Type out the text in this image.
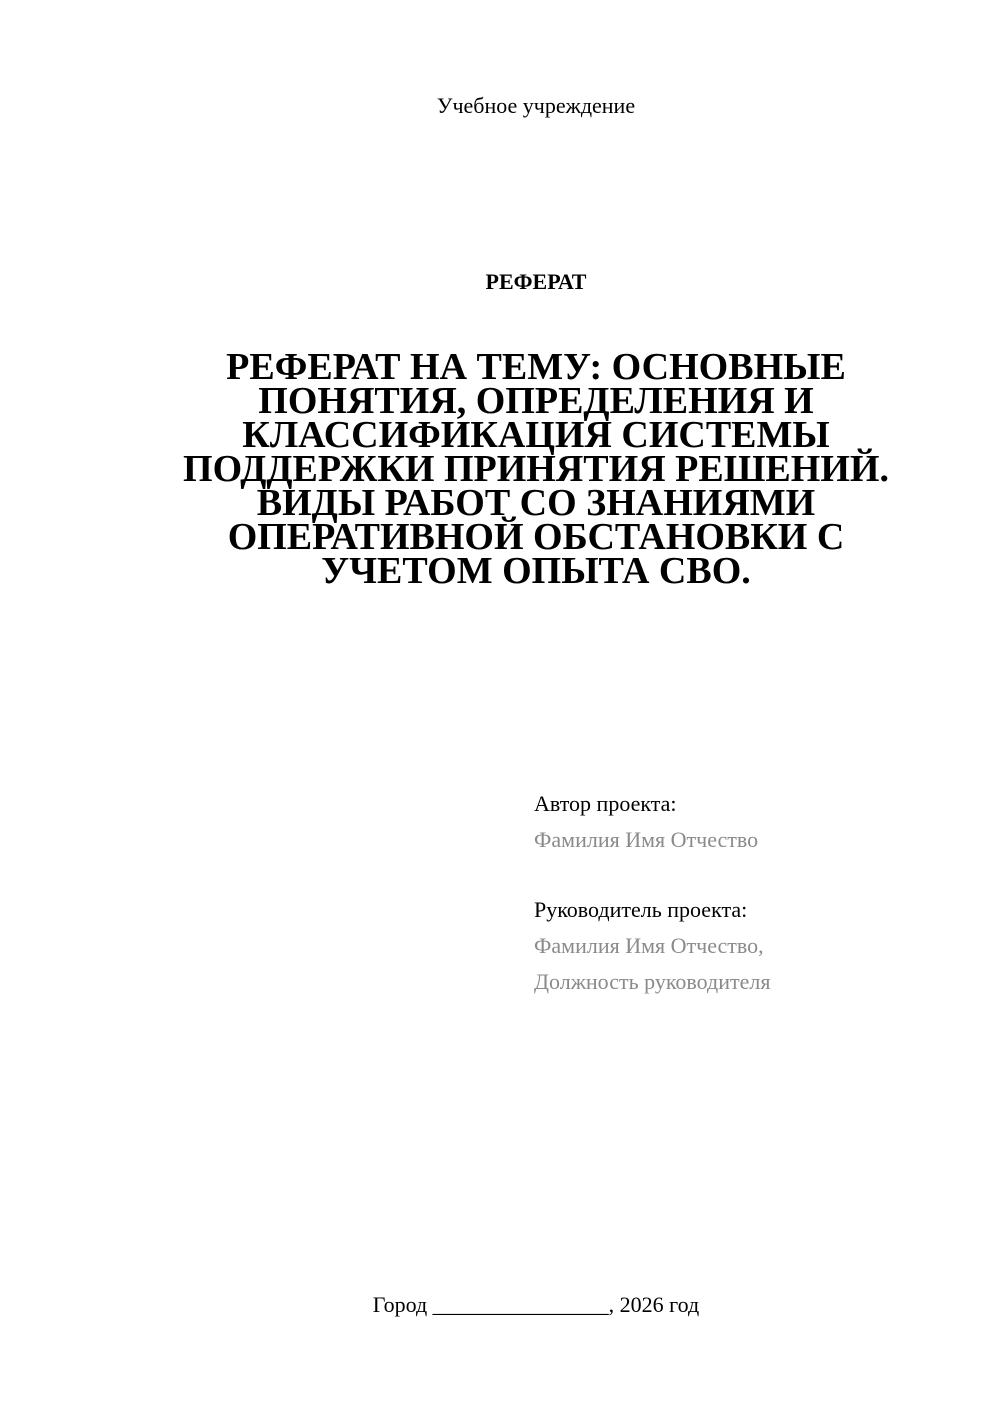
Учебное учреждение
РЕФЕРАТ
РЕФЕРАТ НА ТЕМУ: ОСНОВНЫЕ ПОНЯТИЯ, ОПРЕДЕЛЕНИЯ И КЛАССИФИКАЦИЯ СИСТЕМЫ ПОДДЕРЖКИ ПРИНЯТИЯ РЕШЕНИЙ. ВИДЫ РАБОТ СО ЗНАНИЯМИ ОПЕРАТИВНОЙ ОБСТАНОВКИ С УЧЕТОМ ОПЫТА СВО.
Автор проекта:
Фамилия Имя Отчество
Руководитель проекта:
Фамилия Имя Отчество,
Должность руководителя
Город ________________, 2026 год
